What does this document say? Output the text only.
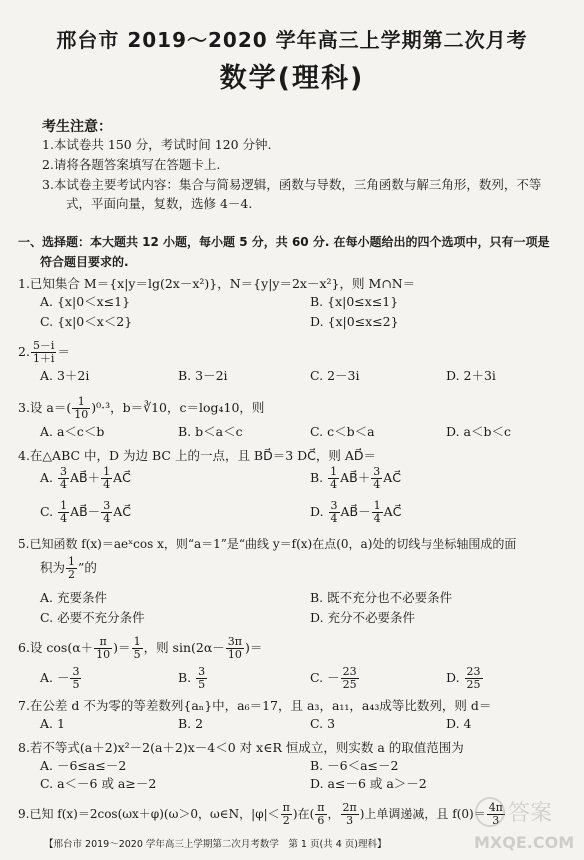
邢台市 2019～2020 学年高三上学期第二次月考
数学(理科)
考生注意：
1.本试卷共 150 分，考试时间 120 分钟.
2.请将各题答案填写在答题卡上.
3.本试卷主要考试内容：集合与简易逻辑，函数与导数，三角函数与解三角形，数列，不等
式，平面向量，复数，选修 4－4.
一、选择题：本大题共 12 小题，每小题 5 分，共 60 分. 在每小题给出的四个选项中，只有一项是
符合题目要求的.
1.已知集合 M＝{x|y＝lg(2x－x²)}，N＝{y|y＝2x－x²}，则 M∩N＝
A. {x|0＜x≤1}	B. {x|0≤x≤1}
C. {x|0＜x＜2}	D. {x|0≤x≤2}
2. $\frac{5-i}{1+i}$ ＝
A. 3＋2i	B. 3－2i	C. 2－3i	D. 2＋3i
3.设 $a=( \frac{1}{10} )^0\cdot^3$，b＝∛10，c＝log₄10，则
A. a＜c＜b	B. b＜a＜c	C. c＜b＜a	D. a＜b＜c
4.在△ABC 中，D 为边 BC 上的一点，且 BD⃗＝3 DC⃗，则 AD⃗＝
A. $\frac{3}{4}$ AB⃗＋ $\frac{1}{4}$ AC⃗	B. $\frac{1}{4}$ AB⃗＋ $\frac{3}{4}$ AC⃗
C. $\frac{1}{4}$ AB⃗－ $\frac{3}{4}$ AC⃗	D. $\frac{3}{4}$ AB⃗－ $\frac{1}{4}$ AC⃗
5.已知函数 f(x)＝aeˣcos x，则“a＝1”是“曲线 y＝f(x)在点(0，a)处的切线与坐标轴围成的面
积为 $\frac{1}{2}$ ”的
A. 充要条件	B. 既不充分也不必要条件
C. 必要不充分条件	D. 充分不必要条件
6.设 $\cos(\alpha+ \frac{\pi}{10}$ )＝ $\frac{1}{5}$ ，则 $\sin(2\alpha- \frac{3\pi}{10}$ )＝
A. － $\frac{3}{5}$	B. $\frac{3}{5}$	C. － $\frac{23}{25}$	D. $\frac{23}{25}$
7.在公差 d 不为零的等差数列{aₙ}中，a₆＝17，且 a₃，a₁₁，a₄₃成等比数列，则 d＝
A. 1	B. 2	C. 3	D. 4
8.若不等式(a＋2)x²－2(a＋2)x－4＜0 对 x∈R 恒成立，则实数 a 的取值范围为
A. －6≤a≤－2	B. －6＜a≤－2
C. a＜－6 或 a≥－2	D. a≤－6 或 a＞－2
9.已知 f(x)＝2cos(ωx＋φ)(ω＞0，ω∈N，$|\varphi|< \frac{\pi}{2}$ )在( $\frac{\pi}{6}$ ， $\frac{2\pi}{3}$ )上单调递减，且 $f(0)= \frac{4\pi}{3}$
【邢台市 2019～2020 学年高三上学期第二次月考数学　第 1 页(共 4 页)理科】
答案
MXQE.COM
